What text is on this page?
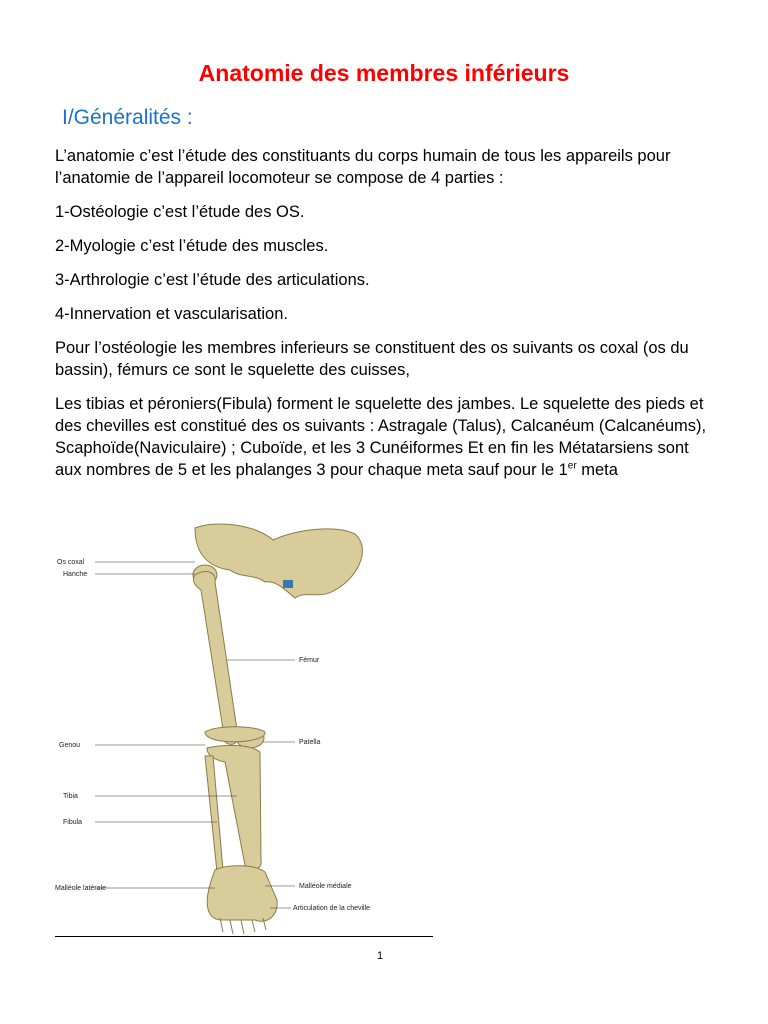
Anatomie des membres inférieurs
I/Généralités :

L’anatomie c’est l’étude des constituants du corps humain de tous les appareils pour l’anatomie de l’appareil locomoteur se compose de 4 parties :

1-Ostéologie c’est l’étude des OS.

2-Myologie c’est l’étude des muscles.

3-Arthrologie c’est l’étude des articulations.

4-Innervation et vascularisation.

Pour l’ostéologie les membres inferieurs se constituent des os suivants os coxal (os du bassin), fémurs ce sont le squelette des cuisses,

Les tibias et péroniers(Fibula) forment le squelette des jambes. Le squelette des pieds et des chevilles est constitué des os suivants : Astragale (Talus), Calcanéum (Calcanéums), Scaphoïde(Naviculaire) ; Cuboïde, et les 3 Cunéiformes Et en fin les Métatarsiens sont aux nombres de 5 et les phalanges 3 pour chaque meta sauf pour le 1er meta

Os coxal
Hanche
Fémur
Genou	Patella
Tibia
Fibula
Malléole médiale
Malléole latérale
Articulation de la cheville
1
